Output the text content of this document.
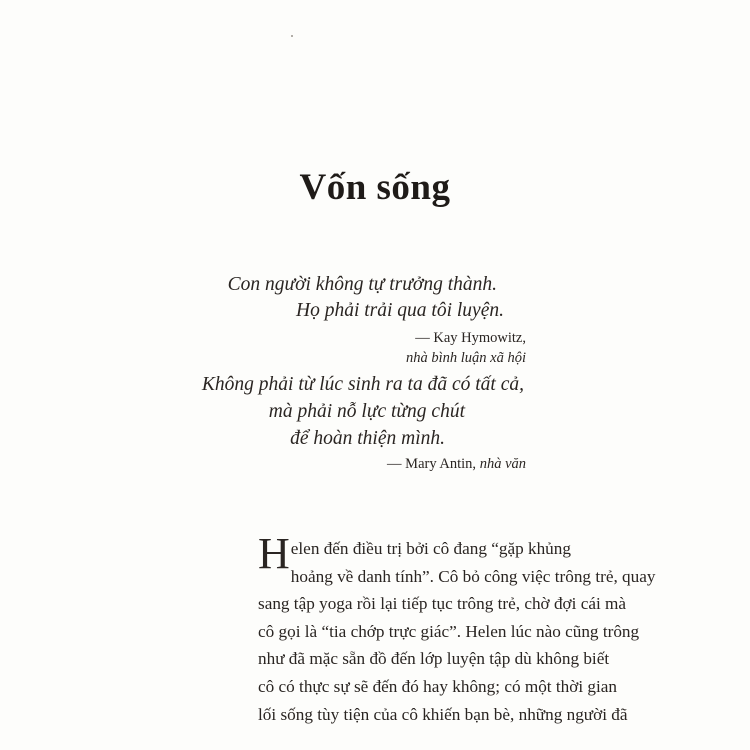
Vốn sống
Con người không tự trưởng thành.
Họ phải trải qua tôi luyện.
— Kay Hymowitz,
nhà bình luận xã hội
Không phải từ lúc sinh ra ta đã có tất cả,
mà phải nỗ lực từng chút
để hoàn thiện mình.
— Mary Antin, nhà văn
H elen đến điều trị bởi cô đang “gặp khủng
hoảng về danh tính”. Cô bỏ công việc trông trẻ, quay
sang tập yoga rồi lại tiếp tục trông trẻ, chờ đợi cái mà
cô gọi là “tia chớp trực giác”. Helen lúc nào cũng trông
như đã mặc sẵn đồ đến lớp luyện tập dù không biết
cô có thực sự sẽ đến đó hay không; có một thời gian
lối sống tùy tiện của cô khiến bạn bè, những người đã
